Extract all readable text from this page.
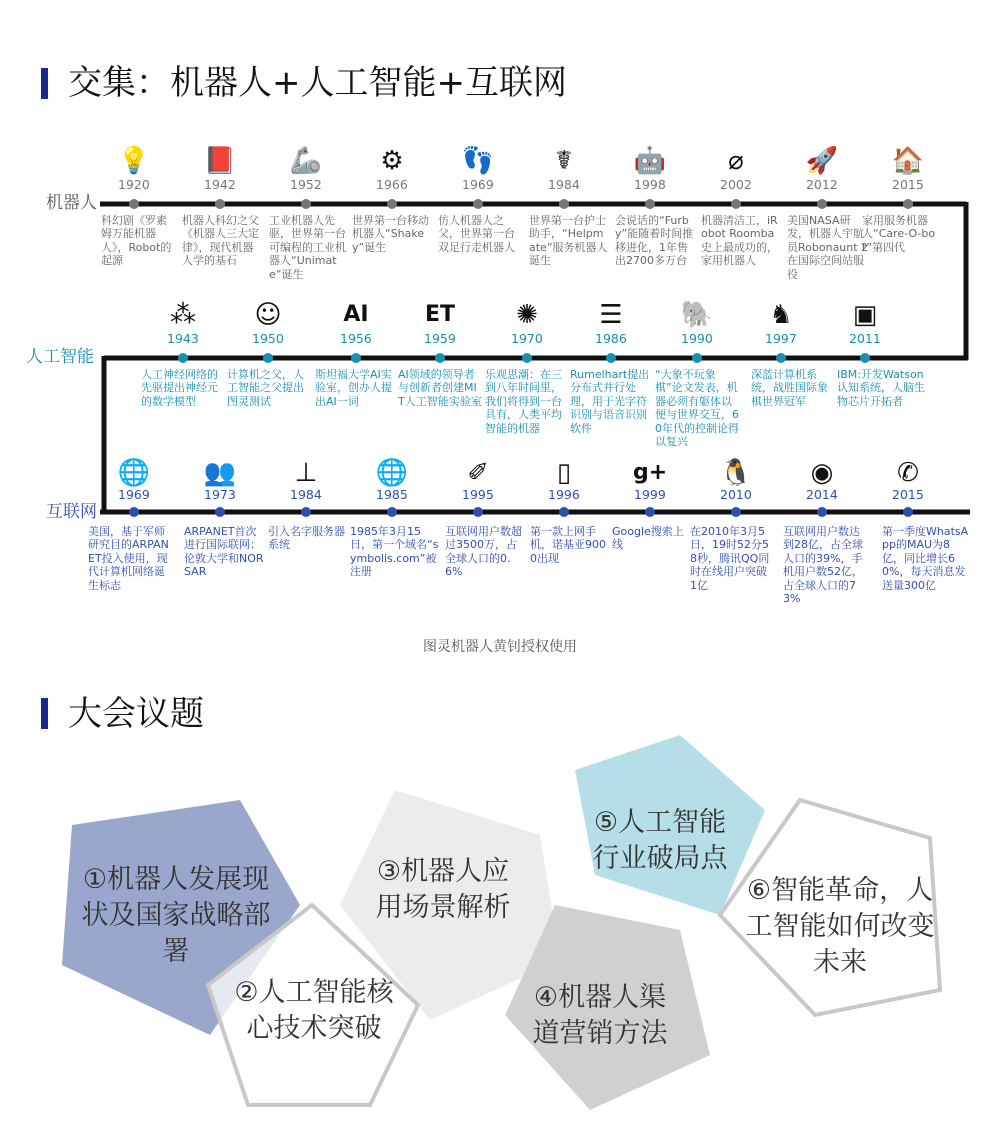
交集：机器人+人工智能+互联网
机器人
人工智能
互联网
💡
1920
科幻剧《罗素姆万能机器人》，Robot的起源
📕
1942
机器人科幻之父《机器人三大定律》，现代机器人学的基石
🦾
1952
工业机器人先驱，世界第一台可编程的工业机器人“Unimate”诞生
⚙
1966
世界第一台移动机器人“Shakey”诞生
👣
1969
仿人机器人之父，世界第一台双足行走机器人
☤
1984
世界第一台护士助手，“Helpmate”服务机器人诞生
🤖
1998
会说话的“Furby”能随着时间推移进化，1年售出2700多万台
⌀
2002
机器清洁工，iRobot Roomba史上最成功的，家用机器人
🚀
2012
美国NASA研发，机器人宇航员Robonaunt 2在国际空间站服役
🏠
2015
家用服务机器人“Care-O-bot”第四代
⁂
1943
人工神经网络的先驱提出神经元的数学模型
☺
1950
计算机之父，人工智能之父提出图灵测试
AI
1956
斯坦福大学AI实验室，创办人提出AI一词
ET
1959
AI领域的领导者与创新者创建MIT人工智能实验室
✺
1970
乐观思潮：在三到八年时间里，我们将得到一台具有，人类平均智能的机器
☰
1986
Rumelhart提出分布式并行处理，用于光字符识别与语音识别软件
🐘
1990
“大象不玩象棋”论文发表，机器必须有躯体以便与世界交互，60年代的控制论得以复兴
♞
1997
深蓝计算机系统，战胜国际象棋世界冠军
▣
2011
IBM:开发Watson认知系统，人脑生物芯片开拓者
🌐
1969
美国，基于军师研究目的ARPANET投入使用，现代计算机网络诞生标志
👥
1973
ARPANET首次进行国际联网：伦敦大学和NORSAR
⊥
1984
引入名字服务器系统
🌐
1985
1985年3月15日，第一个域名“symbolis.com”被注册
✐
1995
互联网用户数超过3500万，占全球人口的0.6%
▯
1996
第一款上网手机，诺基亚9000出现
g+
1999
Google搜索上线
🐧
2010
在2010年3月5日，19时52分58秒，腾讯QQ同时在线用户突破1亿
◉
2014
互联网用户数达到28亿，占全球人口的39%，手机用户数52亿，占全球人口的73%
✆
2015
第一季度WhatsApp的MAU为8亿，同比增长60%，每天消息发送量300亿
图灵机器人黄钊授权使用
大会议题
①机器人发展现状及国家战略部署
②人工智能核心技术突破
③机器人应用场景解析
④机器人渠道营销方法
⑤人工智能行业破局点
⑥智能革命，人工智能如何改变未来
